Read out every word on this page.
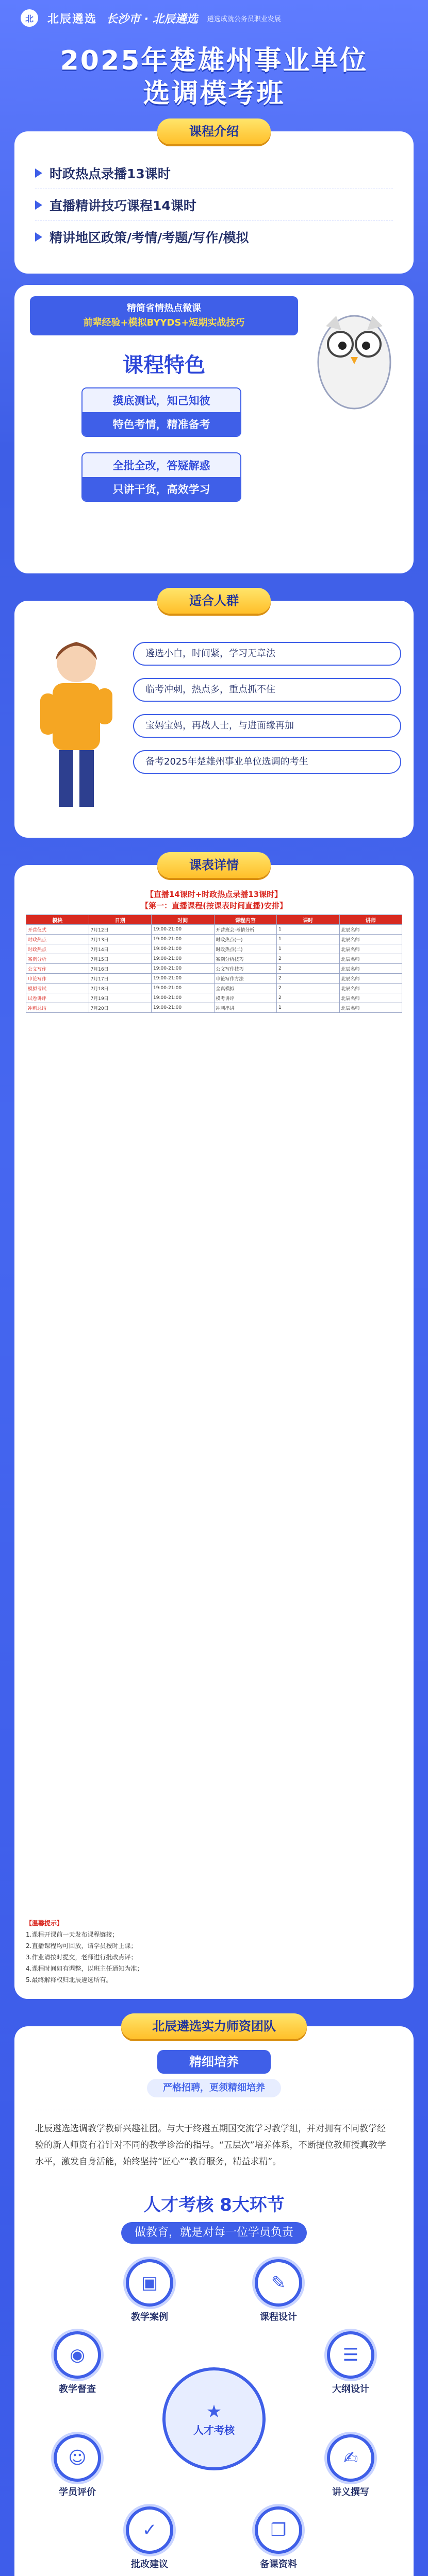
北	北辰遴选 长沙市 · 北辰遴选 遴选成就公务员职业发展
2025年楚雄州事业单位
选调模考班
课程介绍
时政热点录播13课时
直播精讲技巧课程14课时
精讲地区政策/考情/考题/写作/模拟
精简省情热点微课
前辈经验+模拟BYYDS+短期实战技巧
课程特色
摸底测试，知己知彼
特色考情，精准备考
全批全改，答疑解惑
只讲干货，高效学习
适合人群
遴选小白，时间紧，学习无章法
临考冲刺，热点多，重点抓不住
宝妈宝妈，再战人士，与进面缘再加
备考2025年楚雄州事业单位选调的考生
课表详情
【直播14课时+时政热点录播13课时】
【第一：直播课程(按课表时间直播)安排】
模块	日期	时间	课程内容	课时	讲师
开营仪式	7月12日	19:00-21:00	开营班会·考情分析	1	北辰名师
时政热点	7月13日	19:00-21:00	时政热点(一)	1	北辰名师
时政热点	7月14日	19:00-21:00	时政热点(二)	1	北辰名师
案例分析	7月15日	19:00-21:00	案例分析技巧	2	北辰名师
公文写作	7月16日	19:00-21:00	公文写作技巧	2	北辰名师
申论写作	7月17日	19:00-21:00	申论写作方法	2	北辰名师
模拟考试	7月18日	19:00-21:00	全真模拟	2	北辰名师
试卷讲评	7月19日	19:00-21:00	模考讲评	2	北辰名师
冲刺总结	7月20日	19:00-21:00	冲刺串讲	1	北辰名师
【温馨提示】
1.课程开课前一天发布课程链接；
2.直播课程均可回放，请学员按时上课；
3.作业请按时提交，老师进行批改点评；
4.课程时间如有调整，以班主任通知为准；
5.最终解释权归北辰遴选所有。
北辰遴选实力师资团队
精细培养
严格招聘，更须精细培养
北辰遴选选调教学教研兴趣社团。与大于终遴五期国交流学习教学组，并对拥有不同教学经验的新人师资有着针对不同的教学诊治的指导。“五层次”培养体系，不断提位教师授真教学水平，激发自身活能，始终坚持“匠心”“教育服务，精益求精”。
人才考核 8大环节
做教育，就是对每一位学员负责
★
人才考核
▣
教学案例
✎
课程设计
☰
大纲设计
✍
讲义撰写
❐
备课资料
✓
批改建议
☺
学员评价
◉
教学督查
